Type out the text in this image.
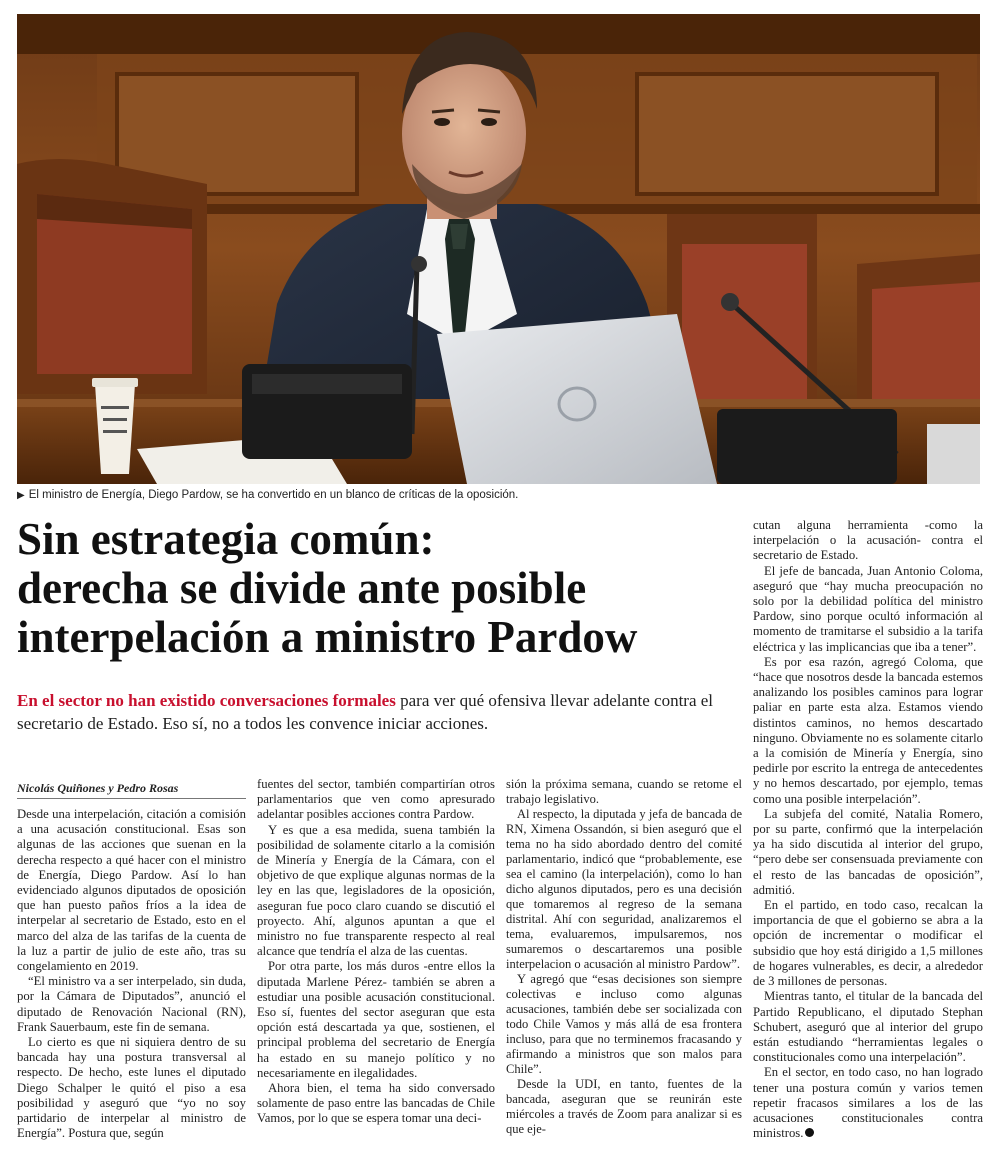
▶ El ministro de Energía, Diego Pardow, se ha convertido en un blanco de críticas de la oposición.
Sin estrategia común:
derecha se divide ante posible
interpelación a ministro Pardow
En el sector no han existido conversaciones formales para ver qué ofensiva llevar adelante contra el secretario de Estado. Eso sí, no a todos les convence iniciar acciones.
Nicolás Quiñones y Pedro Rosas

Desde una interpelación, citación a comisión a una acusación constitucional. Esas son algunas de las acciones que suenan en la derecha respecto a qué hacer con el ministro de Energía, Diego Pardow. Así lo han evidenciado algunos diputados de oposición que han puesto paños fríos a la idea de interpelar al secretario de Estado, esto en el marco del alza de las tarifas de la cuenta de la luz a partir de julio de este año, tras su congelamiento en 2019.

“El ministro va a ser interpelado, sin duda, por la Cámara de Diputados”, anunció el diputado de Renovación Nacional (RN), Frank Sauerbaum, este fin de semana.

Lo cierto es que ni siquiera dentro de su bancada hay una postura transversal al respecto. De hecho, este lunes el diputado Diego Schalper le quitó el piso a esa posibilidad y aseguró que “yo no soy partidario de interpelar al ministro de Energía”. Postura que, según

fuentes del sector, también compartirían otros parlamentarios que ven como apresurado adelantar posibles acciones contra Pardow.

Y es que a esa medida, suena también la posibilidad de solamente citarlo a la comisión de Minería y Energía de la Cámara, con el objetivo de que explique algunas normas de la ley en las que, legisladores de la oposición, aseguran fue poco claro cuando se discutió el proyecto. Ahí, algunos apuntan a que el ministro no fue transparente respecto al real alcance que tendría el alza de las cuentas.

Por otra parte, los más duros -entre ellos la diputada Marlene Pérez- también se abren a estudiar una posible acusación constitucional. Eso sí, fuentes del sector aseguran que esta opción está descartada ya que, sostienen, el principal problema del secretario de Energía ha estado en su manejo político y no necesariamente en ilegalidades.

Ahora bien, el tema ha sido conversado solamente de paso entre las bancadas de Chile Vamos, por lo que se espera tomar una deci-

sión la próxima semana, cuando se retome el trabajo legislativo.

Al respecto, la diputada y jefa de bancada de RN, Ximena Ossandón, si bien aseguró que el tema no ha sido abordado dentro del comité parlamentario, indicó que “probablemente, ese sea el camino (la interpelación), como lo han dicho algunos diputados, pero es una decisión que tomaremos al regreso de la semana distrital. Ahí con seguridad, analizaremos el tema, evaluaremos, impulsaremos, nos sumaremos o descartaremos una posible interpelacion o acusación al ministro Pardow”.

Y agregó que “esas decisiones son siempre colectivas e incluso como algunas acusaciones, también debe ser socializada con todo Chile Vamos y más allá de esa frontera incluso, para que no terminemos fracasando y afirmando a ministros que son malos para Chile”.

Desde la UDI, en tanto, fuentes de la bancada, aseguran que se reunirán este miércoles a través de Zoom para analizar si es que eje-

cutan alguna herramienta -como la interpelación o la acusación- contra el secretario de Estado.

El jefe de bancada, Juan Antonio Coloma, aseguró que “hay mucha preocupación no solo por la debilidad política del ministro Pardow, sino porque ocultó información al momento de tramitarse el subsidio a la tarifa eléctrica y las implicancias que iba a tener”.

Es por esa razón, agregó Coloma, que “hace que nosotros desde la bancada estemos analizando los posibles caminos para lograr paliar en parte esta alza. Estamos viendo distintos caminos, no hemos descartado ninguno. Obviamente no es solamente citarlo a la comisión de Minería y Energía, sino pedirle por escrito la entrega de antecedentes y no hemos descartado, por ejemplo, temas como una posible interpelación”.

La subjefa del comité, Natalia Romero, por su parte, confirmó que la interpelación ya ha sido discutida al interior del grupo, “pero debe ser consensuada previamente con el resto de las bancadas de oposición”, admitió.

En el partido, en todo caso, recalcan la importancia de que el gobierno se abra a la opción de incrementar o modificar el subsidio que hoy está dirigido a 1,5 millones de hogares vulnerables, es decir, a alrededor de 3 millones de personas.

Mientras tanto, el titular de la bancada del Partido Republicano, el diputado Stephan Schubert, aseguró que al interior del grupo están estudiando “herramientas legales o constitucionales como una interpelación”.

En el sector, en todo caso, no han logrado tener una postura común y varios temen repetir fracasos similares a los de las acusaciones constitucionales contra ministros.
